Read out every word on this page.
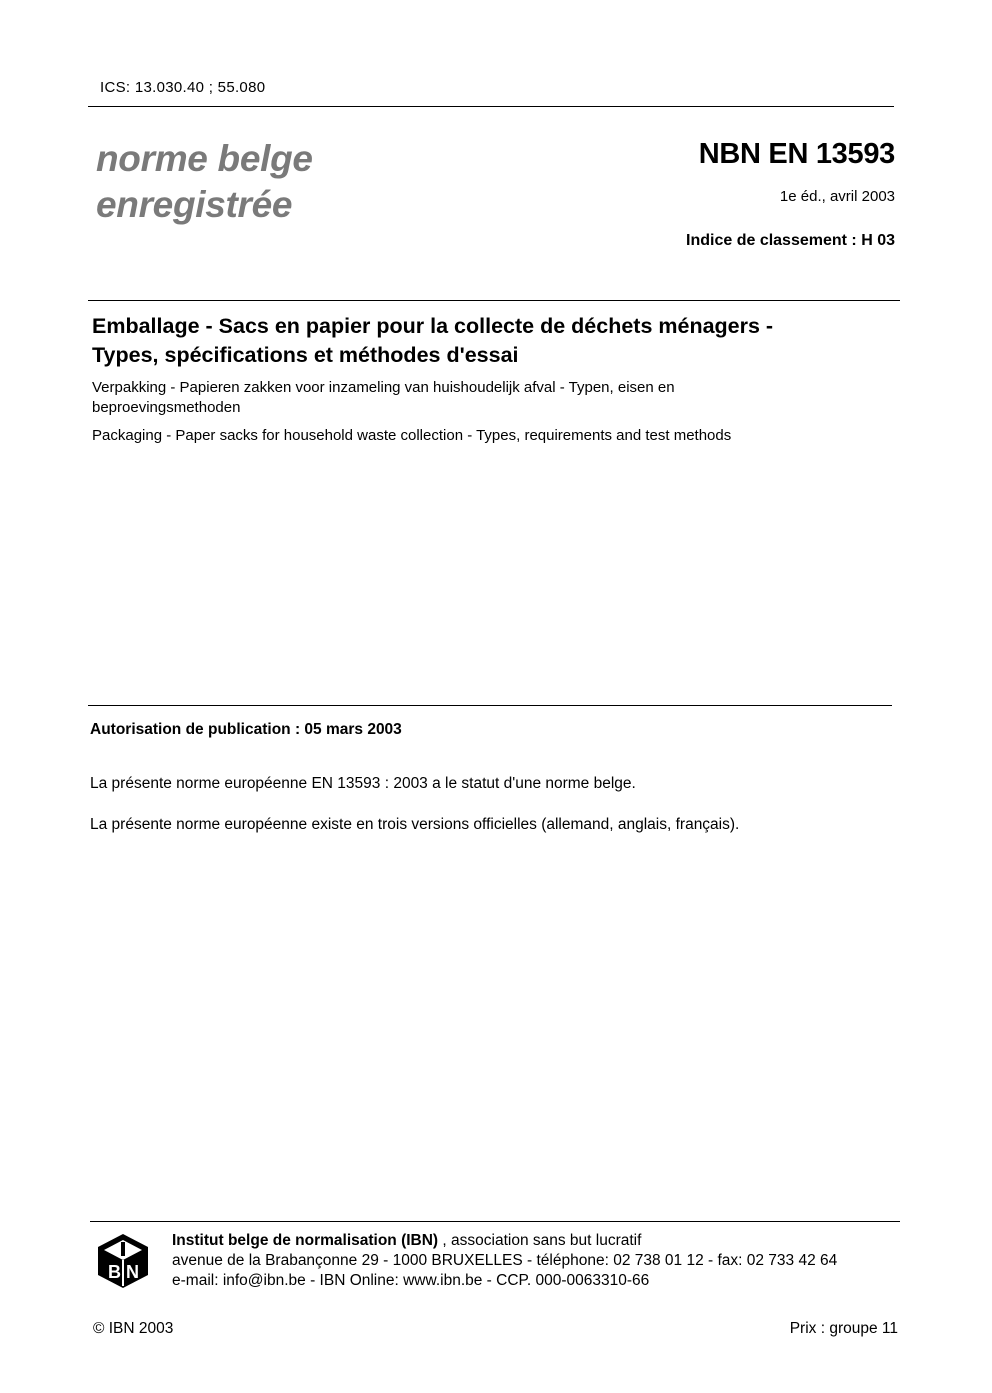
ICS: 13.030.40 ; 55.080
norme belge
enregistrée
NBN EN 13593
1e éd., avril 2003
Indice de classement : H 03
Emballage - Sacs en papier pour la collecte de déchets ménagers -
Types, spécifications et méthodes d'essai
Verpakking - Papieren zakken voor inzameling van huishoudelijk afval - Typen, eisen en
beproevingsmethoden
Packaging - Paper sacks for household waste collection - Types, requirements and test methods
Autorisation de publication : 05 mars 2003
La présente norme européenne EN 13593 : 2003 a le statut d'une norme belge.
La présente norme européenne existe en trois versions officielles (allemand, anglais, français).
B N
Institut belge de normalisation (IBN) , association sans but lucratif
avenue de la Brabançonne 29 - 1000 BRUXELLES - téléphone: 02 738 01 12 - fax: 02 733 42 64
e-mail: info@ibn.be - IBN Online: www.ibn.be - CCP. 000-0063310-66
© IBN 2003	Prix : groupe 11
